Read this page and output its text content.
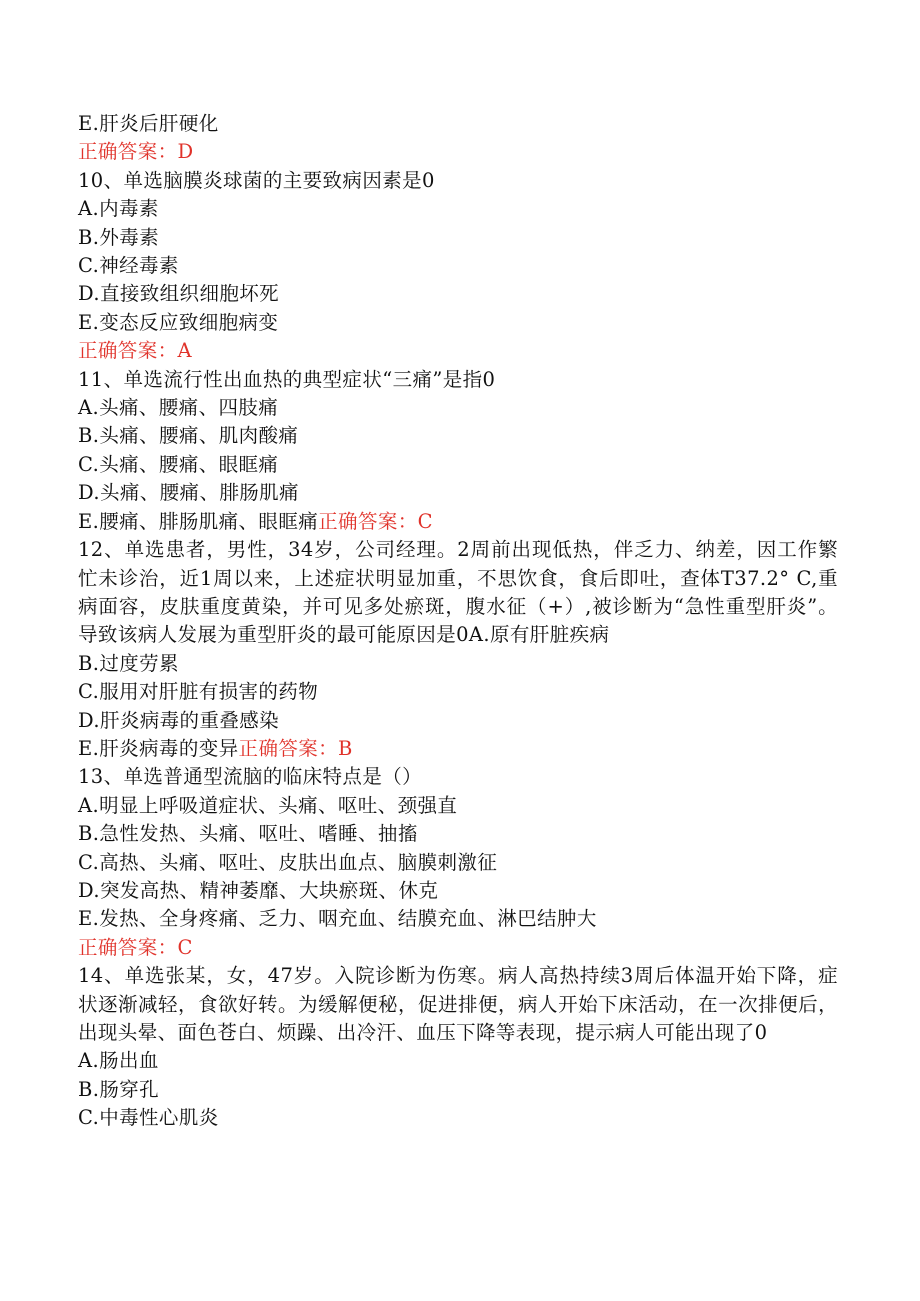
E.肝炎后肝硬化
正确答案：D
10、单选脑膜炎球菌的主要致病因素是0
A.内毒素
B.外毒素
C.神经毒素
D.直接致组织细胞坏死
E.变态反应致细胞病变
正确答案：A
11、单选流行性出血热的典型症状“三痛”是指0
A.头痛、腰痛、四肢痛
B.头痛、腰痛、肌肉酸痛
C.头痛、腰痛、眼眶痛
D.头痛、腰痛、腓肠肌痛
E.腰痛、腓肠肌痛、眼眶痛正确答案：C
12、单选患者，男性，34岁，公司经理。2周前出现低热，伴乏力、纳差，因工作繁忙未诊治，近1周以来，上述症状明显加重，不思饮食，食后即吐，查体T37.2° C,重病面容，皮肤重度黄染，并可见多处瘀斑，腹水征（+）,被诊断为“急性重型肝炎”。导致该病人发展为重型肝炎的最可能原因是0A.原有肝脏疾病
B.过度劳累
C.服用对肝脏有损害的药物
D.肝炎病毒的重叠感染
E.肝炎病毒的变异正确答案：B
13、单选普通型流脑的临床特点是（）
A.明显上呼吸道症状、头痛、呕吐、颈强直
B.急性发热、头痛、呕吐、嗜睡、抽搐
C.高热、头痛、呕吐、皮肤出血点、脑膜刺激征
D.突发高热、精神萎靡、大块瘀斑、休克
E.发热、全身疼痛、乏力、咽充血、结膜充血、淋巴结肿大
正确答案：C
14、单选张某，女，47岁。入院诊断为伤寒。病人高热持续3周后体温开始下降，症状逐渐减轻，食欲好转。为缓解便秘，促进排便，病人开始下床活动，在一次排便后，出现头晕、面色苍白、烦躁、出冷汗、血压下降等表现，提示病人可能出现了0
A.肠出血
B.肠穿孔
C.中毒性心肌炎
